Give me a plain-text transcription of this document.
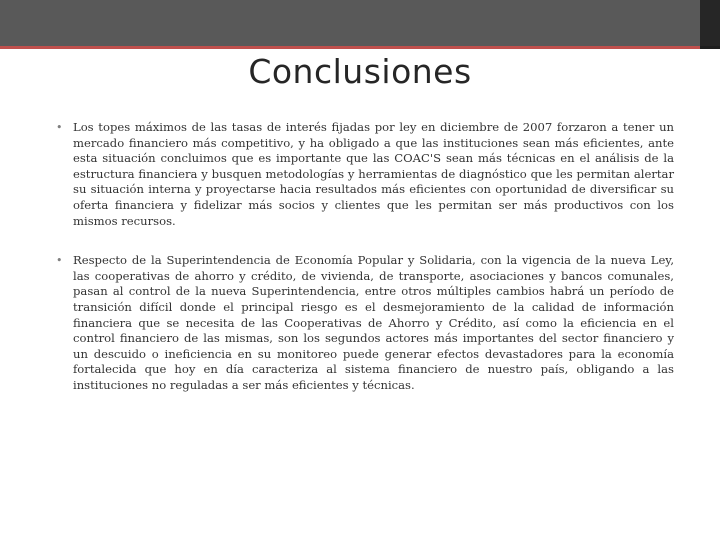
Conclusiones
• Los topes máximos de las tasas de interés fijadas por ley en diciembre de 2007 forzaron a tener un mercado financiero más competitivo, y ha obligado a que las instituciones sean más eficientes, ante esta situación concluimos que es importante que las COAC'S sean más técnicas en el análisis de la estructura financiera y busquen metodologías y herramientas de diagnóstico que les permitan alertar su situación interna y proyectarse hacia resultados más eficientes con oportunidad de diversificar su oferta financiera y fidelizar más socios y clientes que les permitan ser más productivos con los mismos recursos.
• Respecto de la Superintendencia de Economía Popular y Solidaria, con la vigencia de la nueva Ley, las cooperativas de ahorro y crédito, de vivienda, de transporte, asociaciones y bancos comunales, pasan al control de la nueva Superintendencia, entre otros múltiples cambios habrá un período de transición difícil donde el principal riesgo es el desmejoramiento de la calidad de información financiera que se necesita de las Cooperativas de Ahorro y Crédito, así como la eficiencia en el control financiero de las mismas, son los segundos actores más importantes del sector financiero y un descuido o ineficiencia en su monitoreo puede generar efectos devastadores para la economía fortalecida que hoy en día caracteriza al sistema financiero de nuestro país, obligando a las instituciones no reguladas a ser más eficientes y técnicas.
